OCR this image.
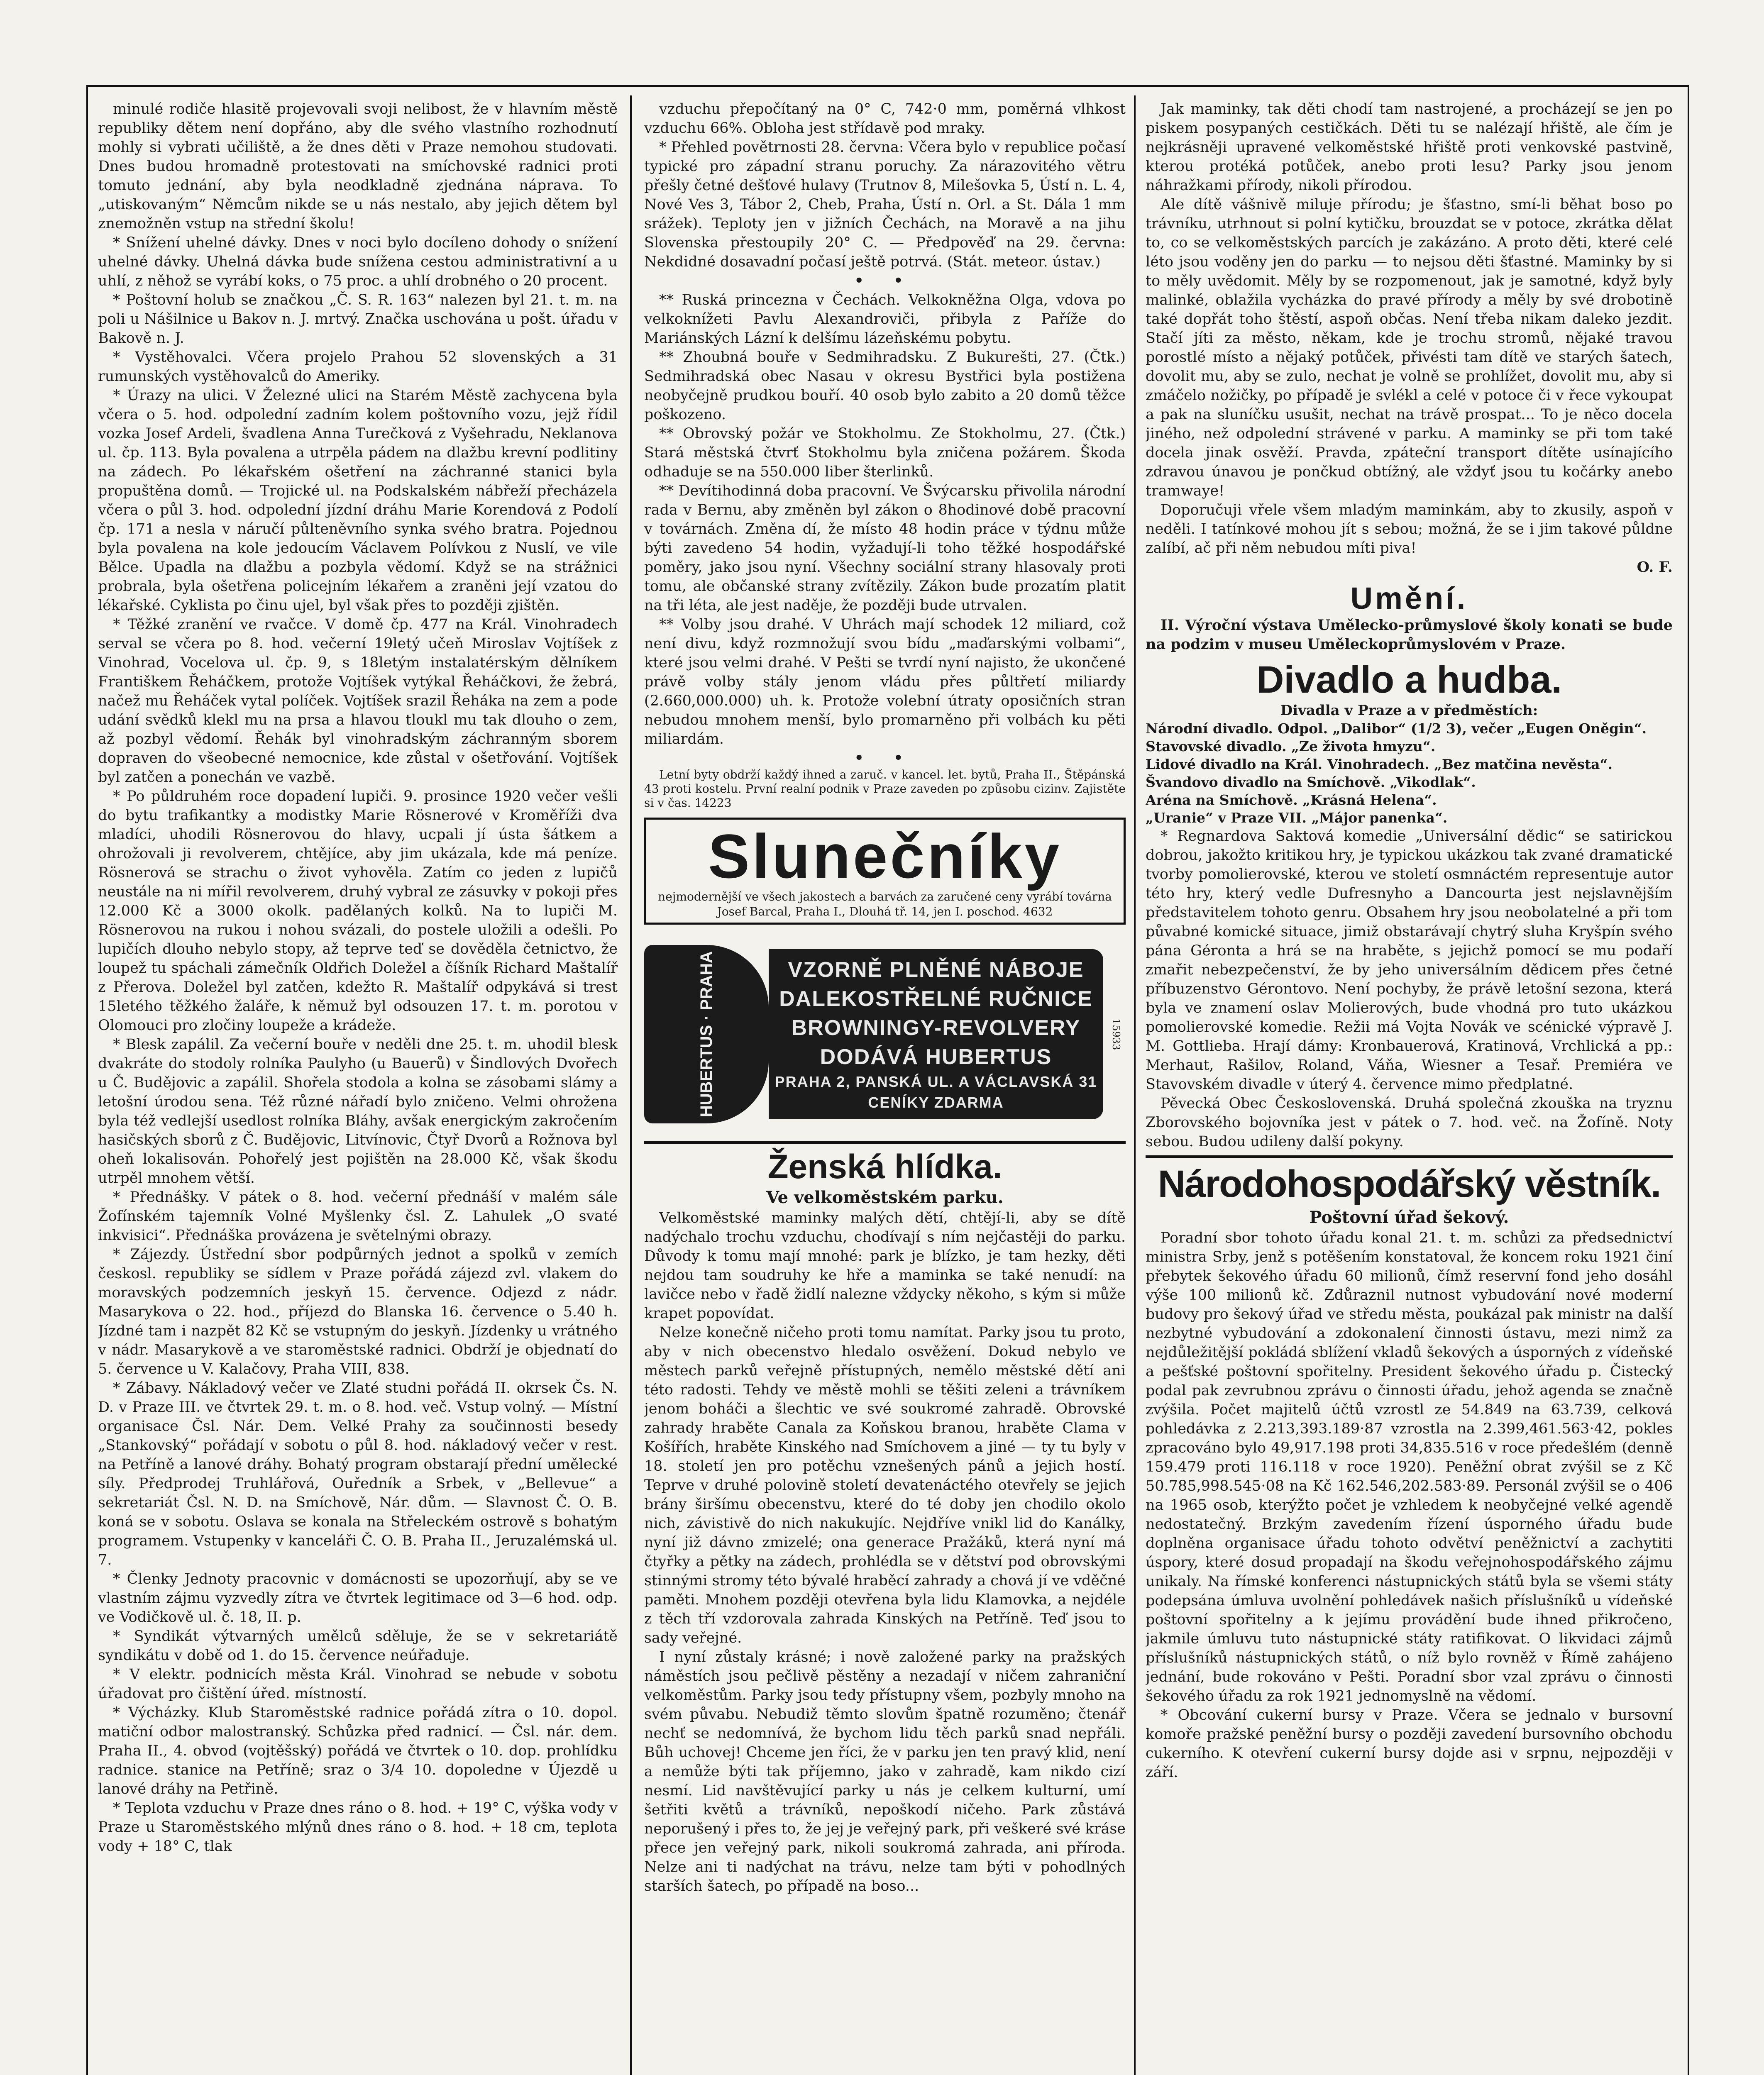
minulé rodiče hlasitě projevovali svoji nelibost, že v hlavním městě republiky dětem není dopřáno, aby dle svého vlastního rozhodnutí mohly si vybrati učiliště, a že dnes děti v Praze nemohou studovati. Dnes budou hromadně protestovati na smíchovské radnici proti tomuto jednání, aby byla neodkladně zjednána náprava. To „utiskovaným“ Němcům nikde se u nás nestalo, aby jejich dětem byl znemožněn vstup na střední školu!

* Snížení uhelné dávky. Dnes v noci bylo docíleno dohody o snížení uhelné dávky. Uhelná dávka bude snížena cestou administrativní a u uhlí, z něhož se vyrábí koks, o 75 proc. a uhlí drobného o 20 procent.

* Poštovní holub se značkou „Č. S. R. 163“ nalezen byl 21. t. m. na poli u Nášilnice u Bakov n. J. mrtvý. Značka uschována u pošt. úřadu v Bakově n. J.

* Vystěhovalci. Včera projelo Prahou 52 slovenských a 31 rumunských vystěhovalců do Ameriky.

* Úrazy na ulici. V Železné ulici na Starém Městě zachycena byla včera o 5. hod. odpolední zadním kolem poštovního vozu, jejž řídil vozka Josef Ardeli, švadlena Anna Turečková z Vyšehradu, Neklanova ul. čp. 113. Byla povalena a utrpěla pádem na dlažbu krevní podlitiny na zádech. Po lékařském ošetření na záchranné stanici byla propuštěna domů. — Trojické ul. na Podskalském nábřeží přecházela včera o půl 3. hod. odpolední jízdní dráhu Marie Korendová z Podolí čp. 171 a nesla v náručí půlteněvního synka svého bratra. Pojednou byla povalena na kole jedoucím Václavem Polívkou z Nuslí, ve vile Bělce. Upadla na dlažbu a pozbyla vědomí. Když se na strážnici probrala, byla ošetřena policejním lékařem a zraněni její vzatou do lékařské. Cyklista po činu ujel, byl však přes to později zjištěn.

* Těžké zranění ve rvačce. V domě čp. 477 na Král. Vinohradech serval se včera po 8. hod. večerní 19letý učeň Miroslav Vojtíšek z Vinohrad, Vocelova ul. čp. 9, s 18letým instalatérským dělníkem Františkem Řeháčkem, protože Vojtíšek vytýkal Řeháčkovi, že žebrá, načež mu Řeháček vytal políček. Vojtíšek srazil Řeháka na zem a pode udání svědků klekl mu na prsa a hlavou tloukl mu tak dlouho o zem, až pozbyl vědomí. Řehák byl vinohradským záchranným sborem dopraven do všeobecné nemocnice, kde zůstal v ošetřování. Vojtíšek byl zatčen a ponechán ve vazbě.

* Po půldruhém roce dopadení lupiči. 9. prosince 1920 večer vešli do bytu trafikantky a modistky Marie Rösnerové v Kroměříži dva mladíci, uhodili Rösnerovou do hlavy, ucpali jí ústa šátkem a ohrožovali ji revolverem, chtějíce, aby jim ukázala, kde má peníze. Rösnerová se strachu o život vyhověla. Zatím co jeden z lupičů neustále na ni mířil revolverem, druhý vybral ze zásuvky v pokoji přes 12.000 Kč a 3000 okolk. padělaných kolků. Na to lupiči M. Rösnerovou na rukou i nohou svázali, do postele uložili a odešli. Po lupičích dlouho nebylo stopy, až teprve teď se dověděla četnictvo, že loupež tu spáchali zámečník Oldřich Doležel a číšník Richard Maštalíř z Přerova. Doležel byl zatčen, kdežto R. Maštalíř odpykává si trest 15letého těžkého žaláře, k němuž byl odsouzen 17. t. m. porotou v Olomouci pro zločiny loupeže a krádeže.

* Blesk zapálil. Za večerní bouře v neděli dne 25. t. m. uhodil blesk dvakráte do stodoly rolníka Paulyho (u Bauerů) v Šindlových Dvořech u Č. Budějovic a zapálil. Shořela stodola a kolna se zásobami slámy a letošní úrodou sena. Též různé nářadí bylo zničeno. Velmi ohrožena byla též vedlejší usedlost rolníka Bláhy, avšak energickým zakročením hasičských sborů z Č. Budějovic, Litvínovic, Čtyř Dvorů a Rožnova byl oheň lokalisován. Pohořelý jest pojištěn na 28.000 Kč, však škodu utrpěl mnohem větší.

* Přednášky. V pátek o 8. hod. večerní přednáší v malém sále Žofínském tajemník Volné Myšlenky čsl. Z. Lahulek „O svaté inkvisici“. Přednáška provázena je světelnými obrazy.

* Zájezdy. Ústřední sbor podpůrných jednot a spolků v zemích českosl. republiky se sídlem v Praze pořádá zájezd zvl. vlakem do moravských podzemních jeskyň 15. července. Odjezd z nádr. Masarykova o 22. hod., příjezd do Blanska 16. července o 5.40 h. Jízdné tam i nazpět 82 Kč se vstupným do jeskyň. Jízdenky u vrátného v nádr. Masarykově a ve staroměstské radnici. Obdrží je objednatí do 5. července u V. Kalačovy, Praha VIII, 838.

* Zábavy. Nákladový večer ve Zlaté studni pořádá II. okrsek Čs. N. D. v Praze III. ve čtvrtek 29. t. m. o 8. hod. več. Vstup volný. — Místní organisace Čsl. Nár. Dem. Velké Prahy za součinnosti besedy „Stankovský“ pořádají v sobotu o půl 8. hod. nákladový večer v rest. na Petříně a lanové dráhy. Bohatý program obstarají přední umělecké síly. Předprodej Truhlářová, Ouředník a Srbek, v „Bellevue“ a sekretariát Čsl. N. D. na Smíchově, Nár. dům. — Slavnost Č. O. B. koná se v sobotu. Oslava se konala na Střeleckém ostrově s bohatým programem. Vstupenky v kanceláři Č. O. B. Praha II., Jeruzalémská ul. 7.

* Členky Jednoty pracovnic v domácnosti se upozorňují, aby se ve vlastním zájmu vyzvedly zítra ve čtvrtek legitimace od 3—6 hod. odp. ve Vodičkově ul. č. 18, II. p.

* Syndikát výtvarných umělců sděluje, že se v sekretariátě syndikátu v době od 1. do 15. července neúřaduje.

* V elektr. podnicích města Král. Vinohrad se nebude v sobotu úřadovat pro čištění úřed. místností.

* Výcházky. Klub Staroměstské radnice pořádá zítra o 10. dopol. matiční odbor malostranský. Schůzka před radnicí. — Čsl. nár. dem. Praha II., 4. obvod (vojtěšský) pořádá ve čtvrtek o 10. dop. prohlídku radnice. stanice na Petříně; sraz o 3/4 10. dopoledne v Újezdě u lanové dráhy na Petřině.

* Teplota vzduchu v Praze dnes ráno o 8. hod. + 19° C, výška vody v Praze u Staroměstského mlýnů dnes ráno o 8. hod. + 18 cm, teplota vody + 18° C, tlak

vzduchu přepočítaný na 0° C, 742·0 mm, poměrná vlhkost vzduchu 66%. Obloha jest střídavě pod mraky.

* Přehled povětrnosti 28. června: Včera bylo v republice počasí typické pro západní stranu poruchy. Za nárazovitého větru přešly četné dešťové hulavy (Trutnov 8, Milešovka 5, Ústí n. L. 4, Nové Ves 3, Tábor 2, Cheb, Praha, Ústí n. Orl. a St. Dála 1 mm srážek). Teploty jen v jižních Čechách, na Moravě a na jihu Slovenska přestoupily 20° C. — Předpověď na 29. června: Nekdidné dosavadní počasí ještě potrvá. (Stát. meteor. ústav.)

• •

** Ruská princezna v Čechách. Velkokněžna Olga, vdova po velkoknížeti Pavlu Alexandroviči, přibyla z Paříže do Mariánských Lázní k delšímu lázeňskému pobytu.

** Zhoubná bouře v Sedmihradsku. Z Bukurešti, 27. (Čtk.) Sedmihradská obec Nasau v okresu Bystřici byla postižena neobyčejně prudkou bouří. 40 osob bylo zabito a 20 domů těžce poškozeno.

** Obrovský požár ve Stokholmu. Ze Stokholmu, 27. (Čtk.) Stará městská čtvrť Stokholmu byla zničena požárem. Škoda odhaduje se na 550.000 liber šterlinků.

** Devítihodinná doba pracovní. Ve Švýcarsku přivolila národní rada v Bernu, aby změněn byl zákon o 8hodinové době pracovní v továrnách. Změna dí, že místo 48 hodin práce v týdnu může býti zavedeno 54 hodin, vyžadují-li toho těžké hospodářské poměry, jako jsou nyní. Všechny sociální strany hlasovaly proti tomu, ale občanské strany zvítězily. Zákon bude prozatím platit na tři léta, ale jest naděje, že později bude utrvalen.

** Volby jsou drahé. V Uhrách mají schodek 12 miliard, což není divu, když rozmnožují svou bídu „maďarskými volbami“, které jsou velmi drahé. V Pešti se tvrdí nyní najisto, že ukončené právě volby stály jenom vládu přes půltřetí miliardy (2.660,000.000) uh. k. Protože volební útraty oposičních stran nebudou mnohem menší, bylo promarněno při volbách ku pěti miliardám.

• •

Letní byty obdrží každý ihned a zaruč. v kancel. let. bytů, Praha II., Štěpánská 43 proti kostelu. První realní podnik v Praze zaveden po způsobu cizinv. Zajistěte si v čas. 14223

Slunečníky
nejmodernější ve všech jakostech a barvách za zaručené ceny vyrábí továrna Josef Barcal, Praha I., Dlouhá tř. 14, jen I. poschod. 4632
HUBERTUS · PRAHA	VZORNĚ PLNĚNÉ NÁBOJE
DALEKOSTŘELNÉ RUČNICE
BROWNINGY-REVOLVERY
DODÁVÁ HUBERTUS
PRAHA 2, PANSKÁ UL. A VÁCLAVSKÁ 31
CENÍKY ZDARMA
15933
Ženská hlídka.
Ve velkoměstském parku.

Velkoměstské maminky malých dětí, chtějí-li, aby se dítě nadýchalo trochu vzduchu, chodívají s ním nejčastěji do parku. Důvody k tomu mají mnohé: park je blízko, je tam hezky, děti nejdou tam soudruhy ke hře a maminka se také nenudí: na lavičce nebo v řadě židlí nalezne vždycky někoho, s kým si může krapet popovídat.

Nelze konečně ničeho proti tomu namítat. Parky jsou tu proto, aby v nich obecenstvo hledalo osvěžení. Dokud nebylo ve městech parků veřejně přístupných, nemělo městské dětí ani této radosti. Tehdy ve městě mohli se těšiti zeleni a trávníkem jenom boháči a šlechtic ve své soukromé zahradě. Obrovské zahrady hraběte Canala za Koňskou branou, hraběte Clama v Košířích, hraběte Kinského nad Smíchovem a jiné — ty tu byly v 18. století jen pro potěchu vznešených pánů a jejich hostí. Teprve v druhé polovině století devatenáctého otevřely se jejich brány širšímu obecenstvu, které do té doby jen chodilo okolo nich, závistivě do nich nakukujíc. Nejdříve vnikl lid do Kanálky, nyní již dávno zmizelé; ona generace Pražáků, která nyní má čtyřky a pětky na zádech, prohlédla se v dětství pod obrovskými stinnými stromy této bývalé hraběcí zahrady a chová jí ve vděčné paměti. Mnohem později otevřena byla lidu Klamovka, a nejdéle z těch tří vzdorovala zahrada Kinských na Petříně. Teď jsou to sady veřejné.

I nyní zůstaly krásné; i nově založené parky na pražských náměstích jsou pečlivě pěstěny a nezadají v ničem zahraniční velkoměstům. Parky jsou tedy přístupny všem, pozbyly mnoho na svém půvabu. Nebudiž těmto slovům špatně rozuměno; čtenář nechť se nedomnívá, že bychom lidu těch parků snad nepřáli. Bůh uchovej! Chceme jen říci, že v parku jen ten pravý klid, není a nemůže býti tak příjemno, jako v zahradě, kam nikdo cizí nesmí. Lid navštěvující parky u nás je celkem kulturní, umí šetřiti květů a trávníků, nepoškodí ničeho. Park zůstává neporušený i přes to, že jej je veřejný park, při veškeré své kráse přece jen veřejný park, nikoli soukromá zahrada, ani příroda. Nelze ani ti nadýchat na trávu, nelze tam býti v pohodlných starších šatech, po případě na boso...

Jak maminky, tak děti chodí tam nastrojené, a procházejí se jen po piskem posypaných cestičkách. Děti tu se nalézají hřiště, ale čím je nejkrásněji upravené velkoměstské hřiště proti venkovské pastvině, kterou protéká potůček, anebo proti lesu? Parky jsou jenom náhražkami přírody, nikoli přírodou.

Ale dítě vášnivě miluje přírodu; je šťastno, smí-li běhat boso po trávníku, utrhnout si polní kytičku, brouzdat se v potoce, zkrátka dělat to, co se velkoměstských parcích je zakázáno. A proto děti, které celé léto jsou voděny jen do parku — to nejsou děti šťastné. Maminky by si to měly uvědomit. Měly by se rozpomenout, jak je samotné, když byly malinké, oblažila vycházka do pravé přírody a měly by své drobotině také dopřát toho štěstí, aspoň občas. Není třeba nikam daleko jezdit. Stačí jíti za město, někam, kde je trochu stromů, nějaké travou porostlé místo a nějaký potůček, přivésti tam dítě ve starých šatech, dovolit mu, aby se zulo, nechat je volně se prohlížet, dovolit mu, aby si zmáčelo nožičky, po případě je svlékl a celé v potoce či v řece vykoupat a pak na sluníčku usušit, nechat na trávě prospat... To je něco docela jiného, než odpolední strávené v parku. A maminky se při tom také docela jinak osvěží. Pravda, zpáteční transport dítěte usínajícího zdravou únavou je pončkud obtížný, ale vždyť jsou tu kočárky anebo tramwaye!

Doporučuji vřele všem mladým maminkám, aby to zkusily, aspoň v neděli. I tatínkové mohou jít s sebou; možná, že se i jim takové půldne zalíbí, ač při něm nebudou míti piva!

O. F.
Umění.

II. Výroční výstava Umělecko-průmyslové školy konati se bude na podzim v museu Uměleckoprůmyslovém v Praze.

Divadlo a hudba.
Divadla v Praze a v předměstích:
Národní divadlo. Odpol. „Dalibor“ (1/2 3), večer „Eugen Oněgin“.
Stavovské divadlo. „Ze života hmyzu“.
Lidové divadlo na Král. Vinohradech. „Bez matčina nevěsta“.
Švandovo divadlo na Smíchově. „Vikodlak“.
Aréna na Smíchově. „Krásná Helena“.
„Uranie“ v Praze VII. „Májor panenka“.

* Regnardova Saktová komedie „Universální dědic“ se satirickou dobrou, jakožto kritikou hry, je typickou ukázkou tak zvané dramatické tvorby pomolierovské, kterou ve století osmnáctém representuje autor této hry, který vedle Dufresnyho a Dancourta jest nejslavnějším představitelem tohoto genru. Obsahem hry jsou neobolatelné a při tom půvabné komické situace, jimiž obstarávají chytrý sluha Kryšpín svého pána Géronta a hrá se na hraběte, s jejichž pomocí se mu podaří zmařit nebezpečenství, že by jeho universálním dědicem přes četné příbuzenstvo Gérontovo. Není pochyby, že právě letošní sezona, která byla ve znamení oslav Molierových, bude vhodná pro tuto ukázkou pomolierovské komedie. Režii má Vojta Novák ve scénické výpravě J. M. Gottlieba. Hrají dámy: Kronbauerová, Kratinová, Vrchlická a pp.: Merhaut, Rašilov, Roland, Váňa, Wiesner a Tesař. Premiéra ve Stavovském divadle v úterý 4. července mimo předplatné.

Pěvecká Obec Československá. Druhá společná zkouška na tryznu Zborovského bojovníka jest v pátek o 7. hod. več. na Žofíně. Noty sebou. Budou udileny další pokyny.

Národohospodářský věstník.
Poštovní úřad šekový.

Poradní sbor tohoto úřadu konal 21. t. m. schůzi za předsednictví ministra Srby, jenž s potěšením konstatoval, že koncem roku 1921 činí přebytek šekového úřadu 60 milionů, čímž reservní fond jeho dosáhl výše 100 milionů kč. Zdůraznil nutnost vybudování nové moderní budovy pro šekový úřad ve středu města, poukázal pak ministr na další nezbytné vybudování a zdokonalení činnosti ústavu, mezi nimž za nejdůležitější pokládá sblížení vkladů šekových a úsporných z vídeňské a pešťské poštovní spořitelny. President šekového úřadu p. Čistecký podal pak zevrubnou zprávu o činnosti úřadu, jehož agenda se značně zvýšila. Počet majitelů účtů vzrostl ze 54.849 na 63.739, celková pohledávka z 2.213,393.189·87 vzrostla na 2.399,461.563·42, pokles zpracováno bylo 49,917.198 proti 34,835.516 v roce předešlém (denně 159.479 proti 116.118 v roce 1920). Peněžní obrat zvýšil se z Kč 50.785,998.545·08 na Kč 162.546,202.583·89. Personál zvýšil se o 406 na 1965 osob, kterýžto počet je vzhledem k neobyčejné velké agendě nedostatečný. Brzkým zavedením řízení úsporného úřadu bude doplněna organisace úřadu tohoto odvětví peněžnictví a zachytiti úspory, které dosud propadají na škodu veřejnohospodářského zájmu unikaly. Na římské konferenci nástupnických států byla se všemi státy podepsána úmluva uvolnění pohledávek našich příslušníků u vídeňské poštovní spořitelny a k jejímu provádění bude ihned přikročeno, jakmile úmluvu tuto nástupnické státy ratifikovat. O likvidaci zájmů příslušníků nástupnických států, o níž bylo rovněž v Římě zahájeno jednání, bude rokováno v Pešti. Poradní sbor vzal zprávu o činnosti šekového úřadu za rok 1921 jednomyslně na vědomí.

* Obcování cukerní bursy v Praze. Včera se jednalo v bursovní komoře pražské peněžní bursy o později zavedení bursovního obchodu cukerního. K otevření cukerní bursy dojde asi v srpnu, nejpozději v září.
